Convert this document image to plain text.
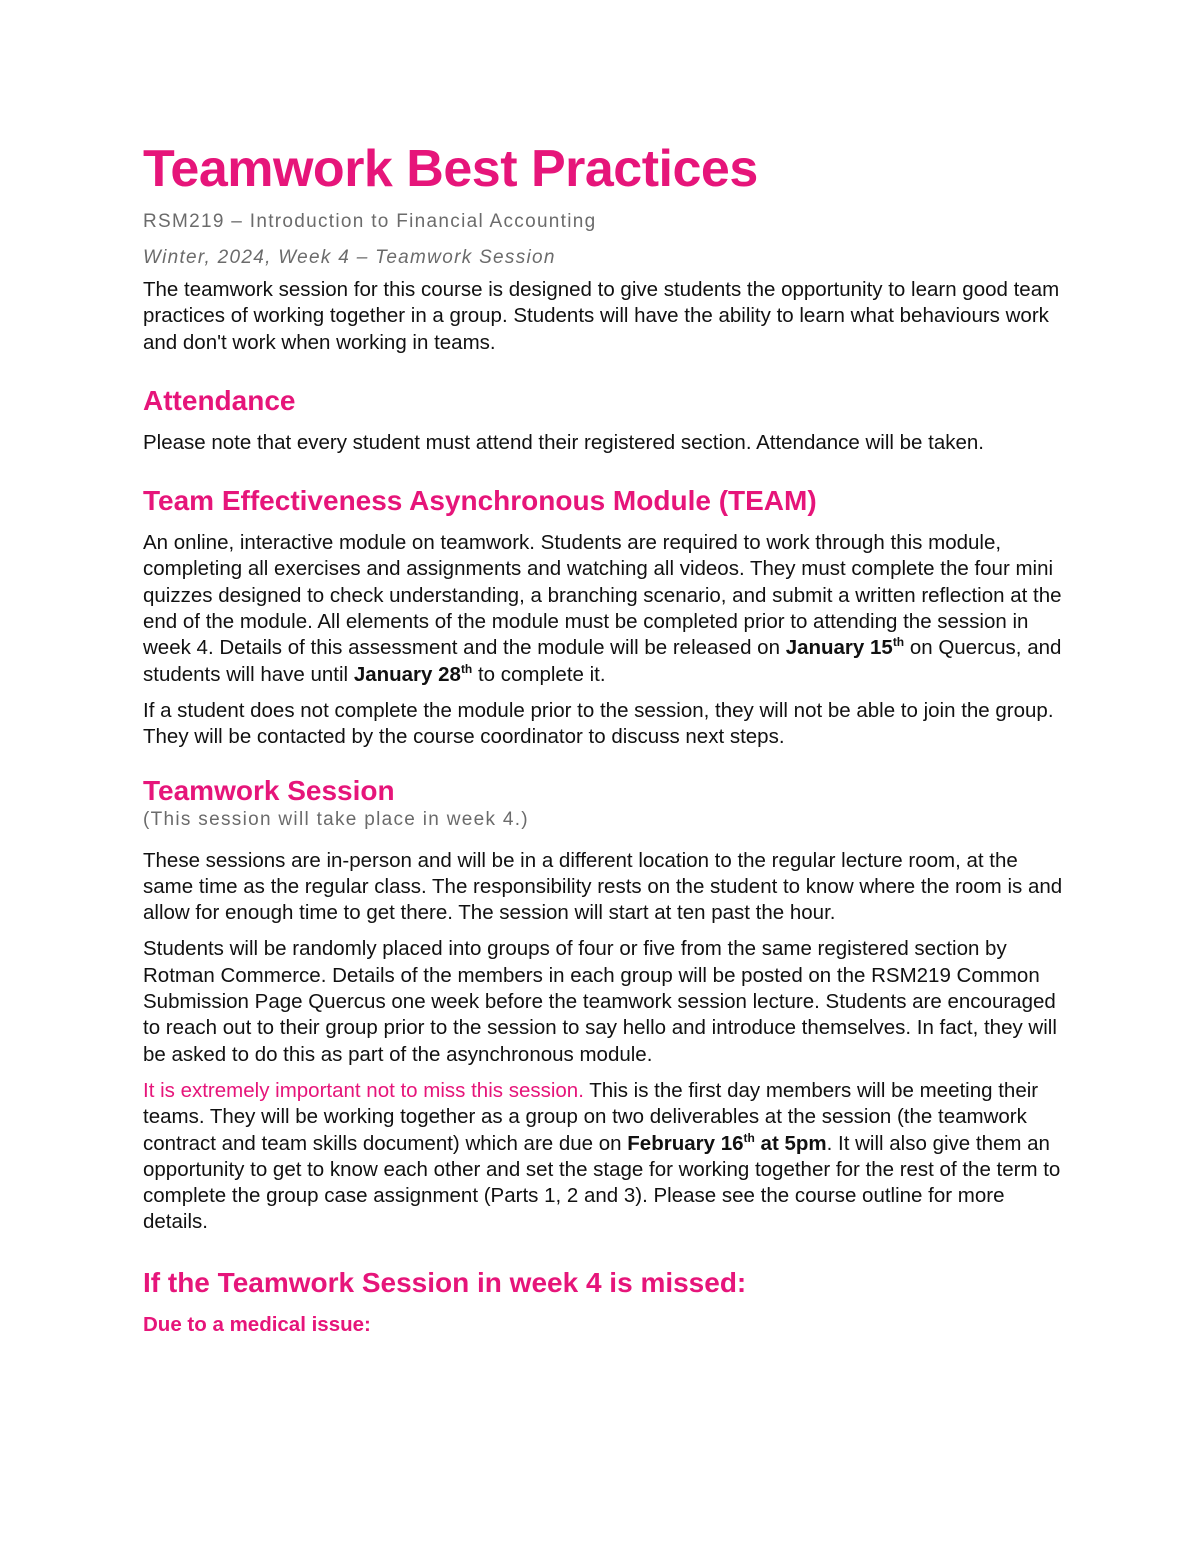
Teamwork Best Practices
RSM219 – Introduction to Financial Accounting
Winter, 2024, Week 4 – Teamwork Session

The teamwork session for this course is designed to give students the opportunity to learn good team practices of working together in a group. Students will have the ability to learn what behaviours work and don't work when working in teams.

Attendance

Please note that every student must attend their registered section. Attendance will be taken.

Team Effectiveness Asynchronous Module (TEAM)

An online, interactive module on teamwork. Students are required to work through this module, completing all exercises and assignments and watching all videos. They must complete the four mini quizzes designed to check understanding, a branching scenario, and submit a written reflection at the end of the module. All elements of the module must be completed prior to attending the session in week 4. Details of this assessment and the module will be released on January 15th on Quercus, and students will have until January 28th to complete it.

If a student does not complete the module prior to the session, they will not be able to join the group. They will be contacted by the course coordinator to discuss next steps.

Teamwork Session
(This session will take place in week 4.)

These sessions are in-person and will be in a different location to the regular lecture room, at the same time as the regular class. The responsibility rests on the student to know where the room is and allow for enough time to get there. The session will start at ten past the hour.

Students will be randomly placed into groups of four or five from the same registered section by Rotman Commerce. Details of the members in each group will be posted on the RSM219 Common Submission Page Quercus one week before the teamwork session lecture. Students are encouraged to reach out to their group prior to the session to say hello and introduce themselves. In fact, they will be asked to do this as part of the asynchronous module.

It is extremely important not to miss this session. This is the first day members will be meeting their teams. They will be working together as a group on two deliverables at the session (the teamwork contract and team skills document) which are due on February 16th at 5pm. It will also give them an opportunity to get to know each other and set the stage for working together for the rest of the term to complete the group case assignment (Parts 1, 2 and 3). Please see the course outline for more details.

If the Teamwork Session in week 4 is missed:
Due to a medical issue:
